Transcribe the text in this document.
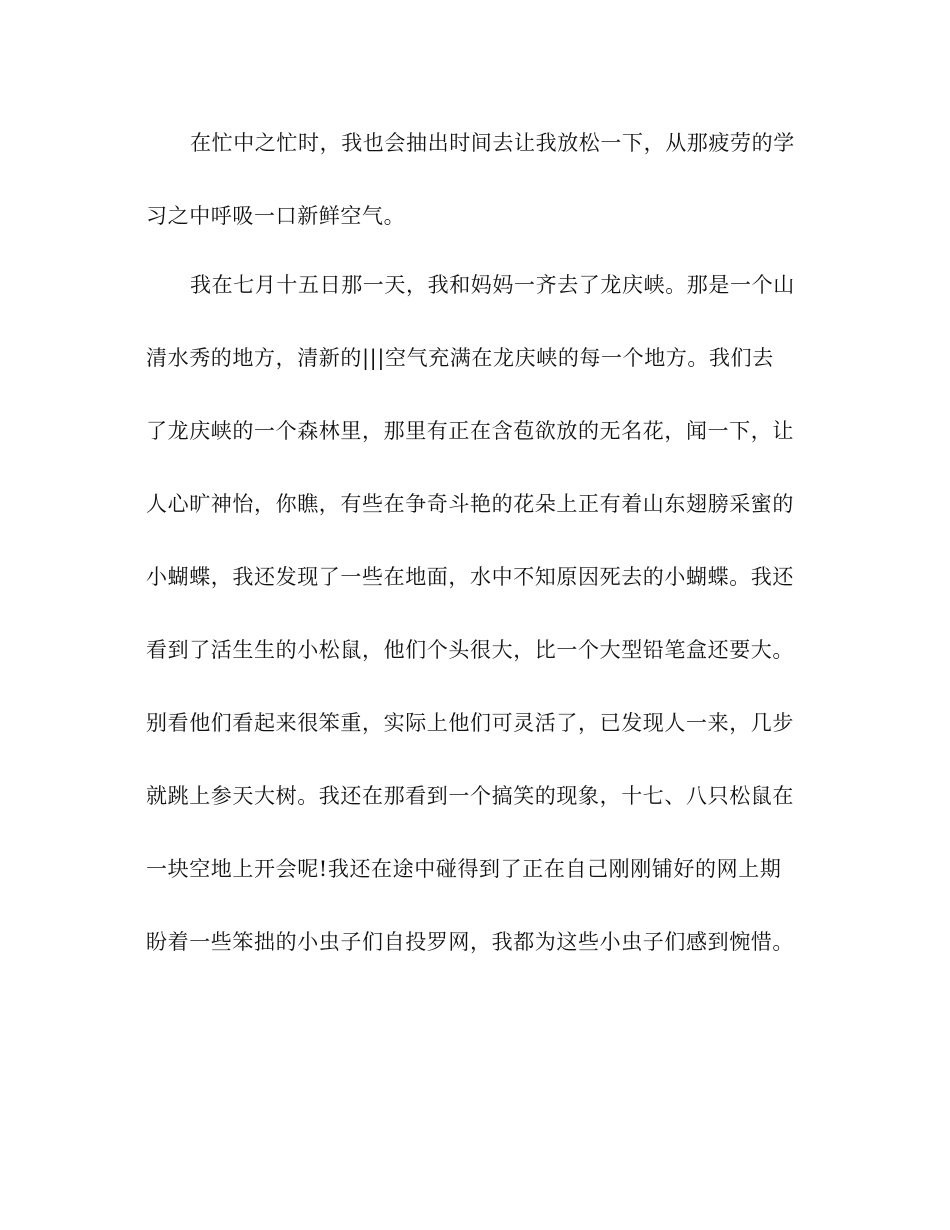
在忙中之忙时，我也会抽出时间去让我放松一下，从那疲劳的学
习之中呼吸一口新鲜空气。
我在七月十五日那一天，我和妈妈一齐去了龙庆峡。那是一个山
清水秀的地方，清新的|||空气充满在龙庆峡的每一个地方。我们去
了龙庆峡的一个森林里，那里有正在含苞欲放的无名花，闻一下，让
人心旷神怡，你瞧，有些在争奇斗艳的花朵上正有着山东翅膀采蜜的
小蝴蝶，我还发现了一些在地面，水中不知原因死去的小蝴蝶。我还
看到了活生生的小松鼠，他们个头很大，比一个大型铅笔盒还要大。
别看他们看起来很笨重，实际上他们可灵活了，已发现人一来，几步
就跳上参天大树。我还在那看到一个搞笑的现象，十七、八只松鼠在
一块空地上开会呢!我还在途中碰得到了正在自己刚刚铺好的网上期
盼着一些笨拙的小虫子们自投罗网，我都为这些小虫子们感到惋惜。
